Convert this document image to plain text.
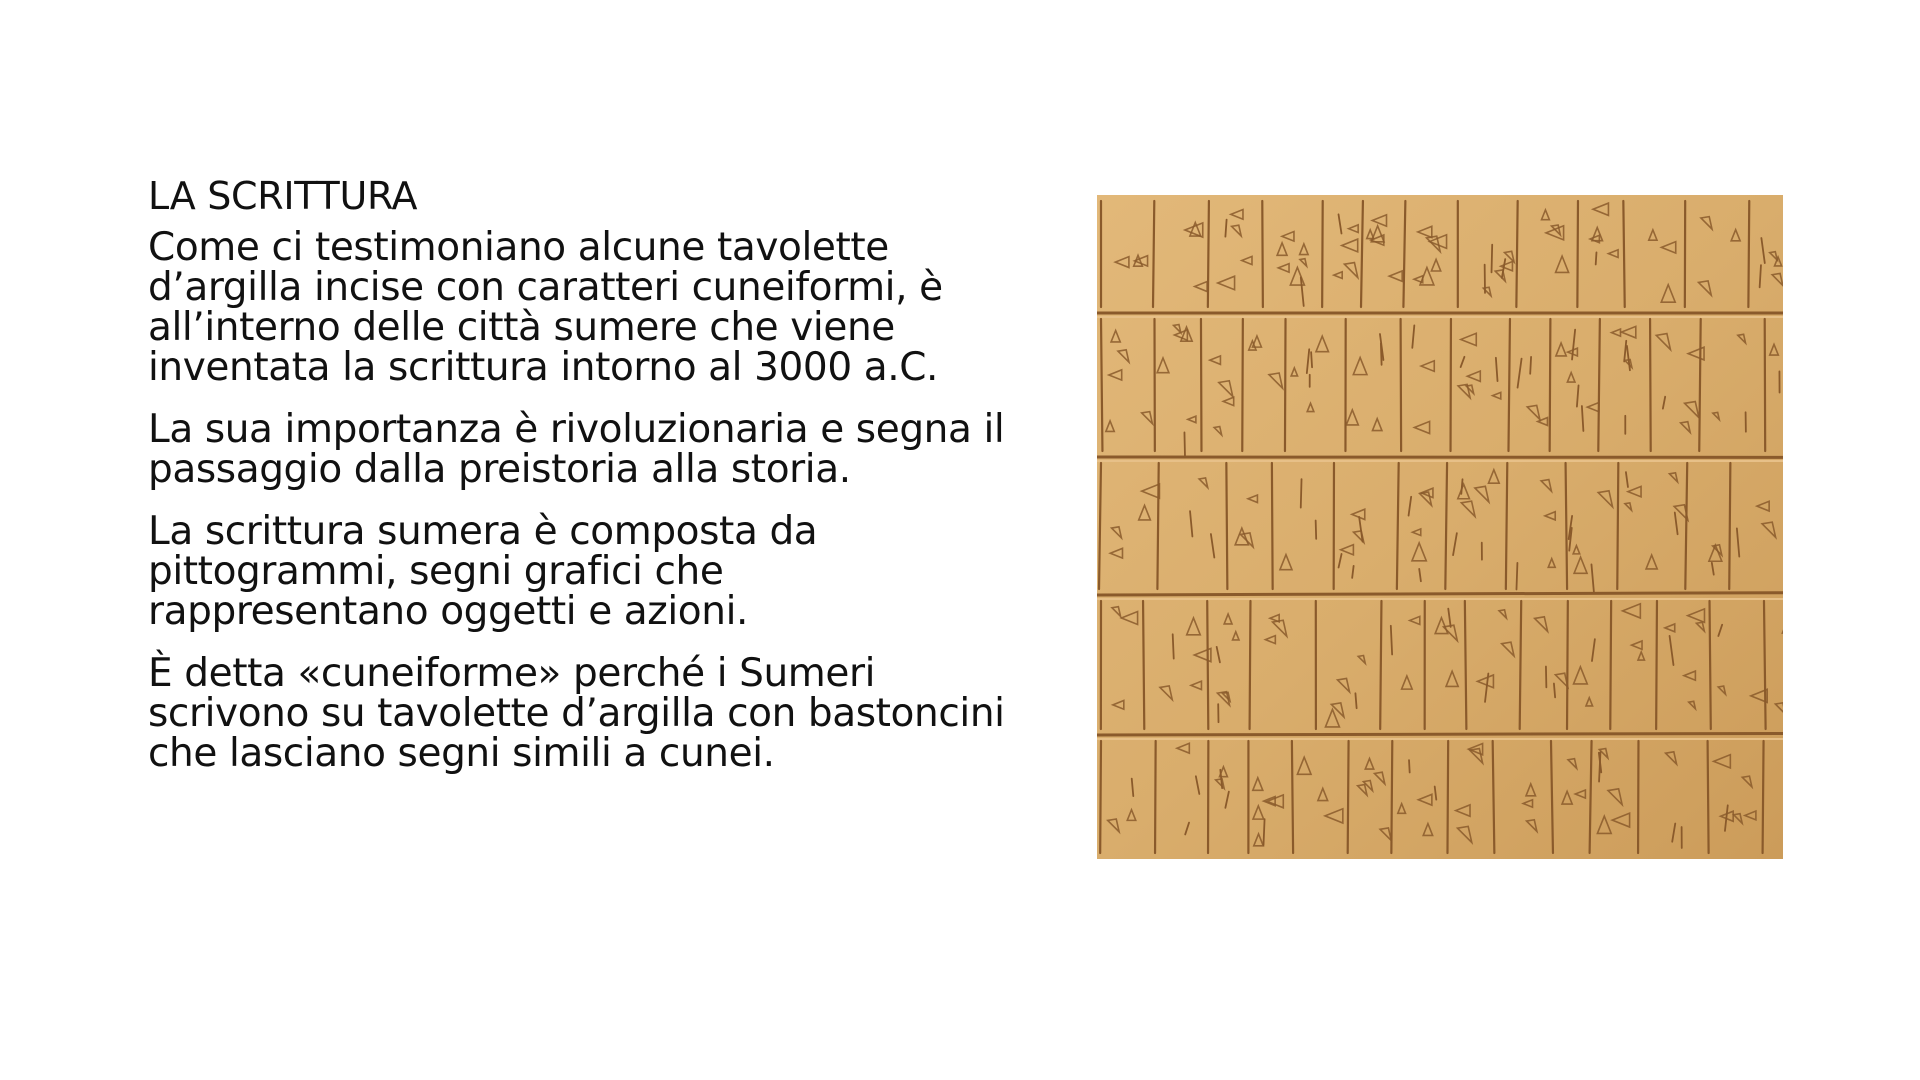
LA SCRITTURA
Come ci testimoniano alcune tavolette d’argilla incise con caratteri cuneiformi, è all’interno delle città sumere che viene inventata la scrittura intorno al 3000 a.C.
La sua importanza è rivoluzionaria e segna il passaggio dalla preistoria alla storia.
La scrittura sumera è composta da pittogrammi, segni grafici che rappresentano oggetti e azioni.
È detta «cuneiforme» perché i Sumeri scrivono su tavolette d’argilla con bastoncini che lasciano segni simili a cunei.
